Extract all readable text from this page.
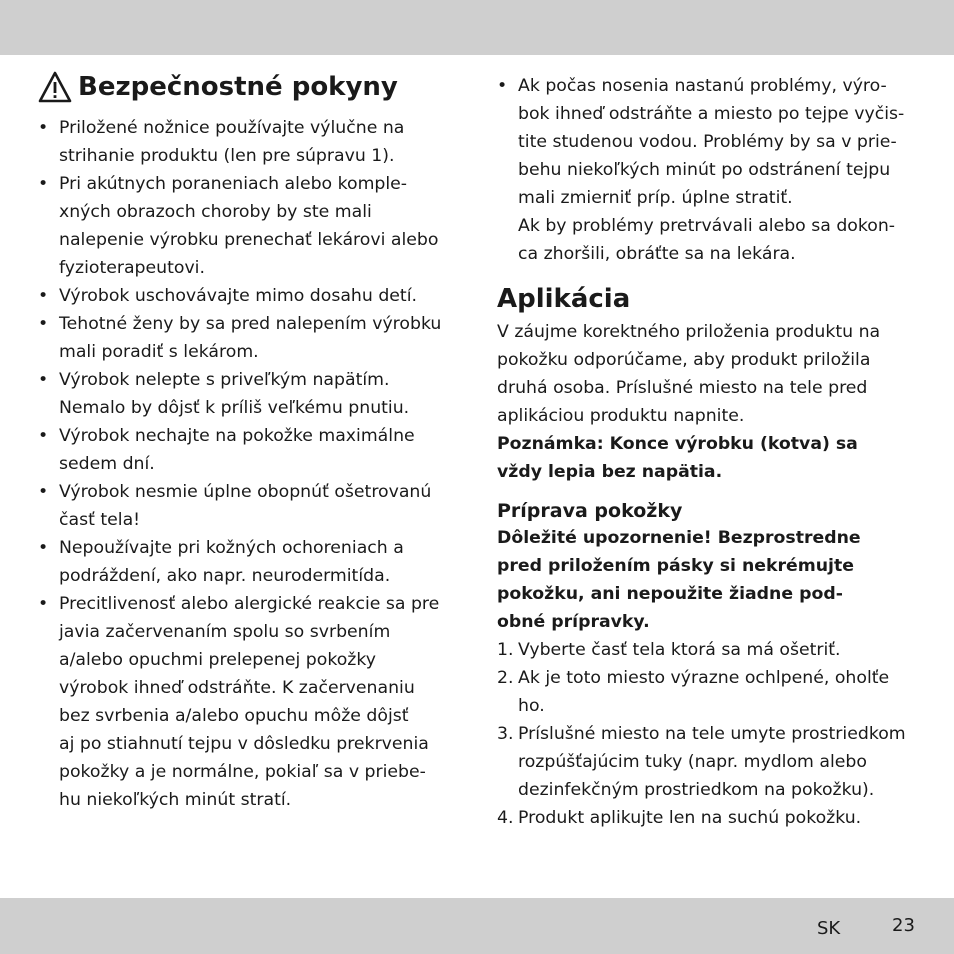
Bezpečnostné pokyny
• Priložené nožnice používajte výlučne na
strihanie produktu (len pre súpravu 1).
• Pri akútnych poraneniach alebo komple-
xných obrazoch choroby by ste mali
nalepenie výrobku prenechať lekárovi alebo
fyzioterapeutovi.
• Výrobok uschovávajte mimo dosahu detí.
• Tehotné ženy by sa pred nalepením výrobku
mali poradiť s lekárom.
• Výrobok nelepte s priveľkým napätím.
Nemalo by dôjsť k príliš veľkému pnutiu.
• Výrobok nechajte na pokožke maximálne
sedem dní.
• Výrobok nesmie úplne obopnúť ošetrovanú
časť tela!
• Nepoužívajte pri kožných ochoreniach a
podráždení, ako napr. neurodermitída.
• Precitlivenosť alebo alergické reakcie sa pre
javia začervenaním spolu so svrbením
a/alebo opuchmi prelepenej pokožky
výrobok ihneď odstráňte. K začervenaniu
bez svrbenia a/alebo opuchu môže dôjsť
aj po stiahnutí tejpu v dôsledku prekrvenia
pokožky a je normálne, pokiaľ sa v priebe-
hu niekoľkých minút stratí.
• Ak počas nosenia nastanú problémy, výro-
bok ihneď odstráňte a miesto po tejpe vyčis-
tite studenou vodou. Problémy by sa v prie-
behu niekoľkých minút po odstránení tejpu
mali zmierniť príp. úplne stratiť.
Ak by problémy pretrvávali alebo sa dokon-
ca zhoršili, obráťte sa na lekára.
Aplikácia

V záujme korektného priloženia produktu na
pokožku odporúčame, aby produkt priložila
druhá osoba. Príslušné miesto na tele pred
aplikáciou produktu napnite.

Poznámka: Konce výrobku (kotva) sa
vždy lepia bez napätia.

Príprava pokožky

Dôležité upozornenie! Bezprostredne
pred priložením pásky si nekrémujte
pokožku, ani nepoužite žiadne pod-
obné prípravky.

1. Vyberte časť tela ktorá sa má ošetriť.
2. Ak je toto miesto výrazne ochlpené, oholťe
ho.
3. Príslušné miesto na tele umyte prostriedkom
rozpúšťajúcim tuky (napr. mydlom alebo
dezinfekčným prostriedkom na pokožku).
4. Produkt aplikujte len na suchú pokožku.
SK	23
